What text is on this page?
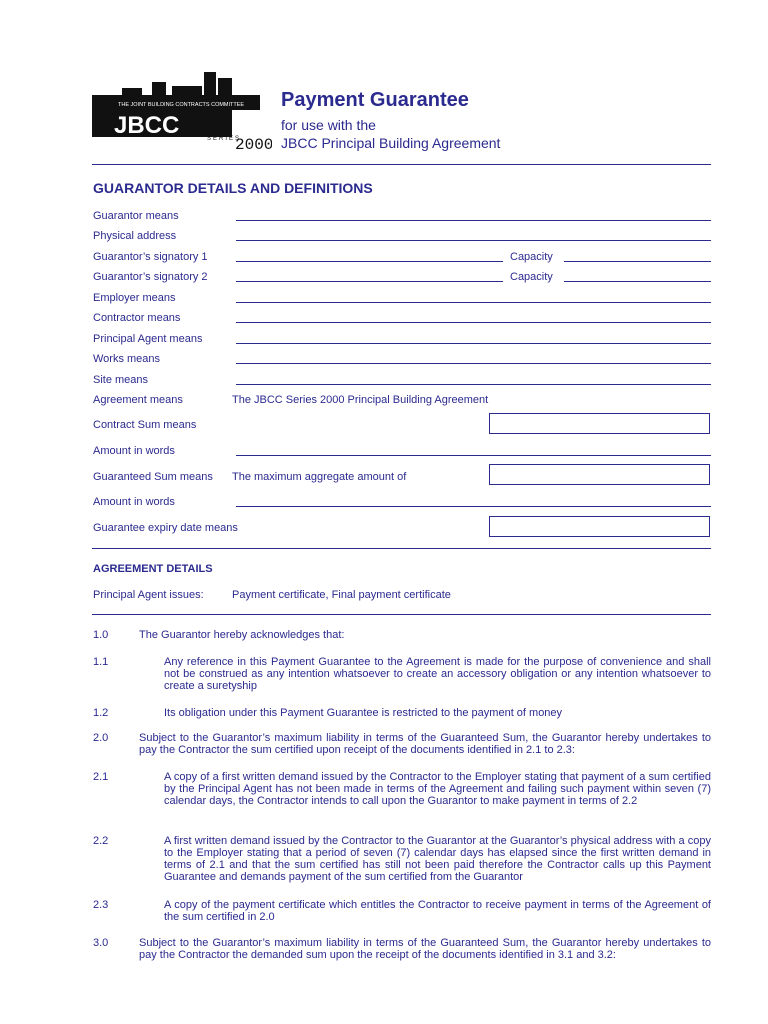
THE JOINT BUILDING CONTRACTS COMMITTEE
JBCC	SERIES
2000
Payment Guarantee
for use with the
JBCC Principal Building Agreement
GUARANTOR DETAILS AND DEFINITIONS
Guarantor means
Physical address
Guarantor’s signatory 1	Capacity
Guarantor’s signatory 2	Capacity
Employer means
Contractor means
Principal Agent means
Works means
Site means
Agreement means	The JBCC Series 2000 Principal Building Agreement
Contract Sum means
Amount in words
Guaranteed Sum means The maximum aggregate amount of
Amount in words
Guarantee expiry date means
AGREEMENT DETAILS
Principal Agent issues:	Payment certificate, Final payment certificate
1.0	The Guarantor hereby acknowledges that:
1.1	Any reference in this Payment Guarantee to the Agreement is made for the purpose of convenience and shall not be construed as any intention whatsoever to create an accessory obligation or any intention whatsoever to create a suretyship
1.2	Its obligation under this Payment Guarantee is restricted to the payment of money
2.0	Subject to the Guarantor’s maximum liability in terms of the Guaranteed Sum, the Guarantor hereby undertakes to pay the Contractor the sum certified upon receipt of the documents identified in 2.1 to 2.3:
2.1	A copy of a first written demand issued by the Contractor to the Employer stating that payment of a sum certified by the Principal Agent has not been made in terms of the Agreement and failing such payment within seven (7) calendar days, the Contractor intends to call upon the Guarantor to make payment in terms of 2.2
2.2	A first written demand issued by the Contractor to the Guarantor at the Guarantor’s physical address with a copy to the Employer stating that a period of seven (7) calendar days has elapsed since the first written demand in terms of 2.1 and that the sum certified has still not been paid therefore the Contractor calls up this Payment Guarantee and demands payment of the sum certified from the Guarantor
2.3	A copy of the payment certificate which entitles the Contractor to receive payment in terms of the Agreement of the sum certified in 2.0
3.0	Subject to the Guarantor’s maximum liability in terms of the Guaranteed Sum, the Guarantor hereby undertakes to pay the Contractor the demanded sum upon the receipt of the documents identified in 3.1 and 3.2:
